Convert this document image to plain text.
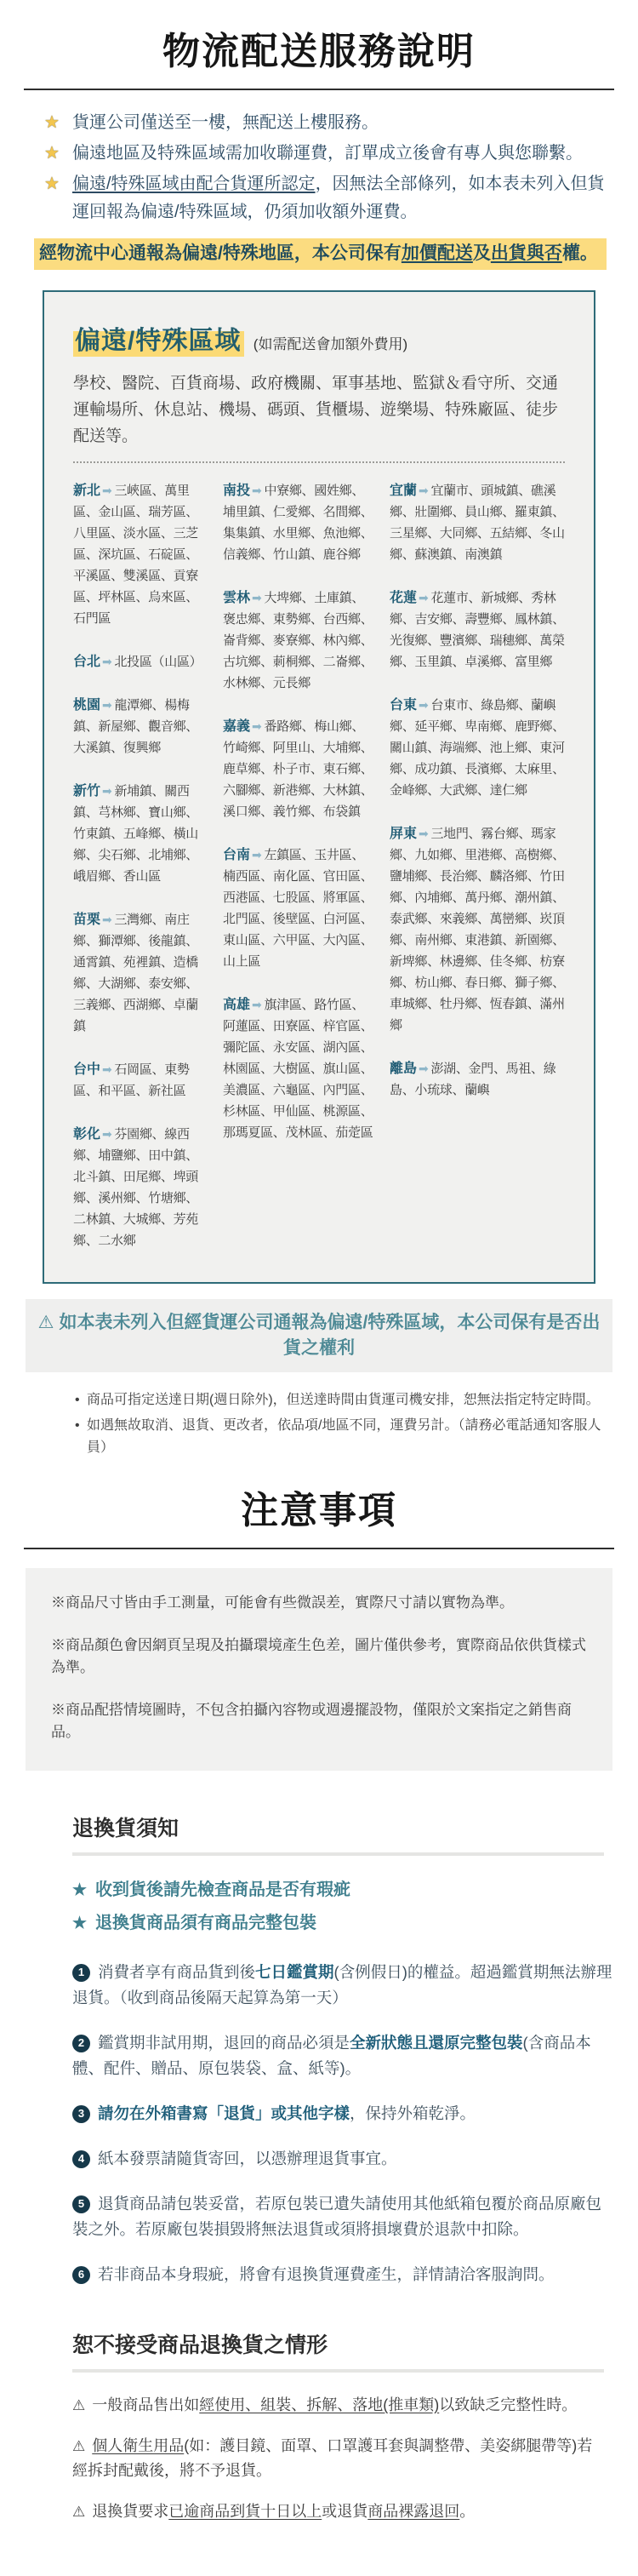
物流配送服務說明
★ 貨運公司僅送至一樓，無配送上樓服務。
★ 偏遠地區及特殊區域需加收聯運費，訂單成立後會有專人與您聯繫。
★ 偏遠/特殊區域由配合貨運所認定，因無法全部條列，如本表未列入但貨運回報為偏遠/特殊區域，仍須加收額外運費。
經物流中心通報為偏遠/特殊地區，本公司保有加價配送及出貨與否權。

偏遠/特殊區域 (如需配送會加額外費用)

學校、醫院、百貨商場、政府機關、軍事基地、監獄＆看守所、交通運輸場所、休息站、機場、碼頭、貨櫃場、遊樂場、特殊廠區、徒步配送等。

新北 ➡ 三峽區、萬里區、金山區、瑞芳區、八里區、淡水區、三芝區、深坑區、石碇區、平溪區、雙溪區、貢寮區、坪林區、烏來區、石門區

台北 ➡ 北投區（山區）

桃園 ➡ 龍潭鄉、楊梅鎮、新屋鄉、觀音鄉、大溪鎮、復興鄉

新竹 ➡ 新埔鎮、關西鎮、芎林鄉、寶山鄉、竹東鎮、五峰鄉、橫山鄉、尖石鄉、北埔鄉、峨眉鄉、香山區

苗栗 ➡ 三灣鄉、南庄鄉、獅潭鄉、後龍鎮、通霄鎮、苑裡鎮、造橋鄉、大湖鄉、泰安鄉、三義鄉、西湖鄉、卓蘭鎮

台中 ➡ 石岡區、東勢區、和平區、新社區

彰化 ➡ 芬園鄉、線西鄉、埔鹽鄉、田中鎮、北斗鎮、田尾鄉、埤頭鄉、溪州鄉、竹塘鄉、二林鎮、大城鄉、芳苑鄉、二水鄉

南投 ➡ 中寮鄉、國姓鄉、埔里鎮、仁愛鄉、名間鄉、集集鎮、水里鄉、魚池鄉、信義鄉、竹山鎮、鹿谷鄉

雲林 ➡ 大埤鄉、土庫鎮、褒忠鄉、東勢鄉、台西鄉、崙背鄉、麥寮鄉、林內鄉、古坑鄉、莿桐鄉、二崙鄉、水林鄉、元長鄉

嘉義 ➡ 番路鄉、梅山鄉、竹崎鄉、阿里山、大埔鄉、鹿草鄉、朴子市、東石鄉、六腳鄉、新港鄉、大林鎮、溪口鄉、義竹鄉、布袋鎮

台南 ➡ 左鎮區、玉井區、楠西區、南化區、官田區、西港區、七股區、將軍區、北門區、後壁區、白河區、東山區、六甲區、大內區、山上區

高雄 ➡ 旗津區、路竹區、阿蓮區、田寮區、梓官區、彌陀區、永安區、湖內區、林園區、大樹區、旗山區、美濃區、六龜區、內門區、杉林區、甲仙區、桃源區、那瑪夏區、茂林區、茄萣區

宜蘭 ➡ 宜蘭市、頭城鎮、礁溪鄉、壯圍鄉、員山鄉、羅東鎮、三星鄉、大同鄉、五結鄉、冬山鄉、蘇澳鎮、南澳鎮

花蓮 ➡ 花蓮市、新城鄉、秀林鄉、吉安鄉、壽豐鄉、鳳林鎮、光復鄉、豐濱鄉、瑞穗鄉、萬榮鄉、玉里鎮、卓溪鄉、富里鄉

台東 ➡ 台東市、綠島鄉、蘭嶼鄉、延平鄉、卑南鄉、鹿野鄉、關山鎮、海端鄉、池上鄉、東河鄉、成功鎮、長濱鄉、太麻里、金峰鄉、大武鄉、達仁鄉

屏東 ➡ 三地門、霧台鄉、瑪家鄉、九如鄉、里港鄉、高樹鄉、鹽埔鄉、長治鄉、麟洛鄉、竹田鄉、內埔鄉、萬丹鄉、潮州鎮、泰武鄉、來義鄉、萬巒鄉、崁頂鄉、南州鄉、東港鎮、新園鄉、新埤鄉、林邊鄉、佳冬鄉、枋寮鄉、枋山鄉、春日鄉、獅子鄉、車城鄉、牡丹鄉、恆春鎮、滿州鄉

離島 ➡ 澎湖、金門、馬祖、綠島、小琉球、蘭嶼

⚠ 如本表未列入但經貨運公司通報為偏遠/特殊區域，本公司保有是否出貨之權利
• 商品可指定送達日期(週日除外)，但送達時間由貨運司機安排，恕無法指定特定時間。
• 如遇無故取消、退貨、更改者，依品項/地區不同，運費另計。（請務必電話通知客服人員）
注意事項

※商品尺寸皆由手工測量，可能會有些微誤差，實際尺寸請以實物為準。

※商品顏色會因網頁呈現及拍攝環境產生色差，圖片僅供參考，實際商品依供貨樣式為準。

※商品配搭情境圖時，不包含拍攝內容物或週邊擺設物，僅限於文案指定之銷售商品。

退換貨須知
★ 收到貨後請先檢查商品是否有瑕疵
★ 退換貨商品須有商品完整包裝
1 消費者享有商品貨到後七日鑑賞期(含例假日)的權益。超過鑑賞期無法辦理退貨。（收到商品後隔天起算為第一天）
2 鑑賞期非試用期，退回的商品必須是全新狀態且還原完整包裝(含商品本體、配件、贈品、原包裝袋、盒、紙等)。
3 請勿在外箱書寫「退貨」或其他字樣，保持外箱乾淨。
4 紙本發票請隨貨寄回，以憑辦理退貨事宜。
5 退貨商品請包裝妥當，若原包裝已遺失請使用其他紙箱包覆於商品原廠包裝之外。若原廠包裝損毀將無法退貨或須將損壞費於退款中扣除。
6 若非商品本身瑕疵，將會有退換貨運費產生，詳情請洽客服詢問。
恕不接受商品退換貨之情形
⚠ 一般商品售出如經使用、組裝、拆解、落地(推車類)以致缺乏完整性時。
⚠ 個人衛生用品(如：護目鏡、面罩、口罩護耳套與調整帶、美姿綁腿帶等)若經拆封配戴後，將不予退貨。
⚠ 退換貨要求已逾商品到貨十日以上或退貨商品裸露退回。
